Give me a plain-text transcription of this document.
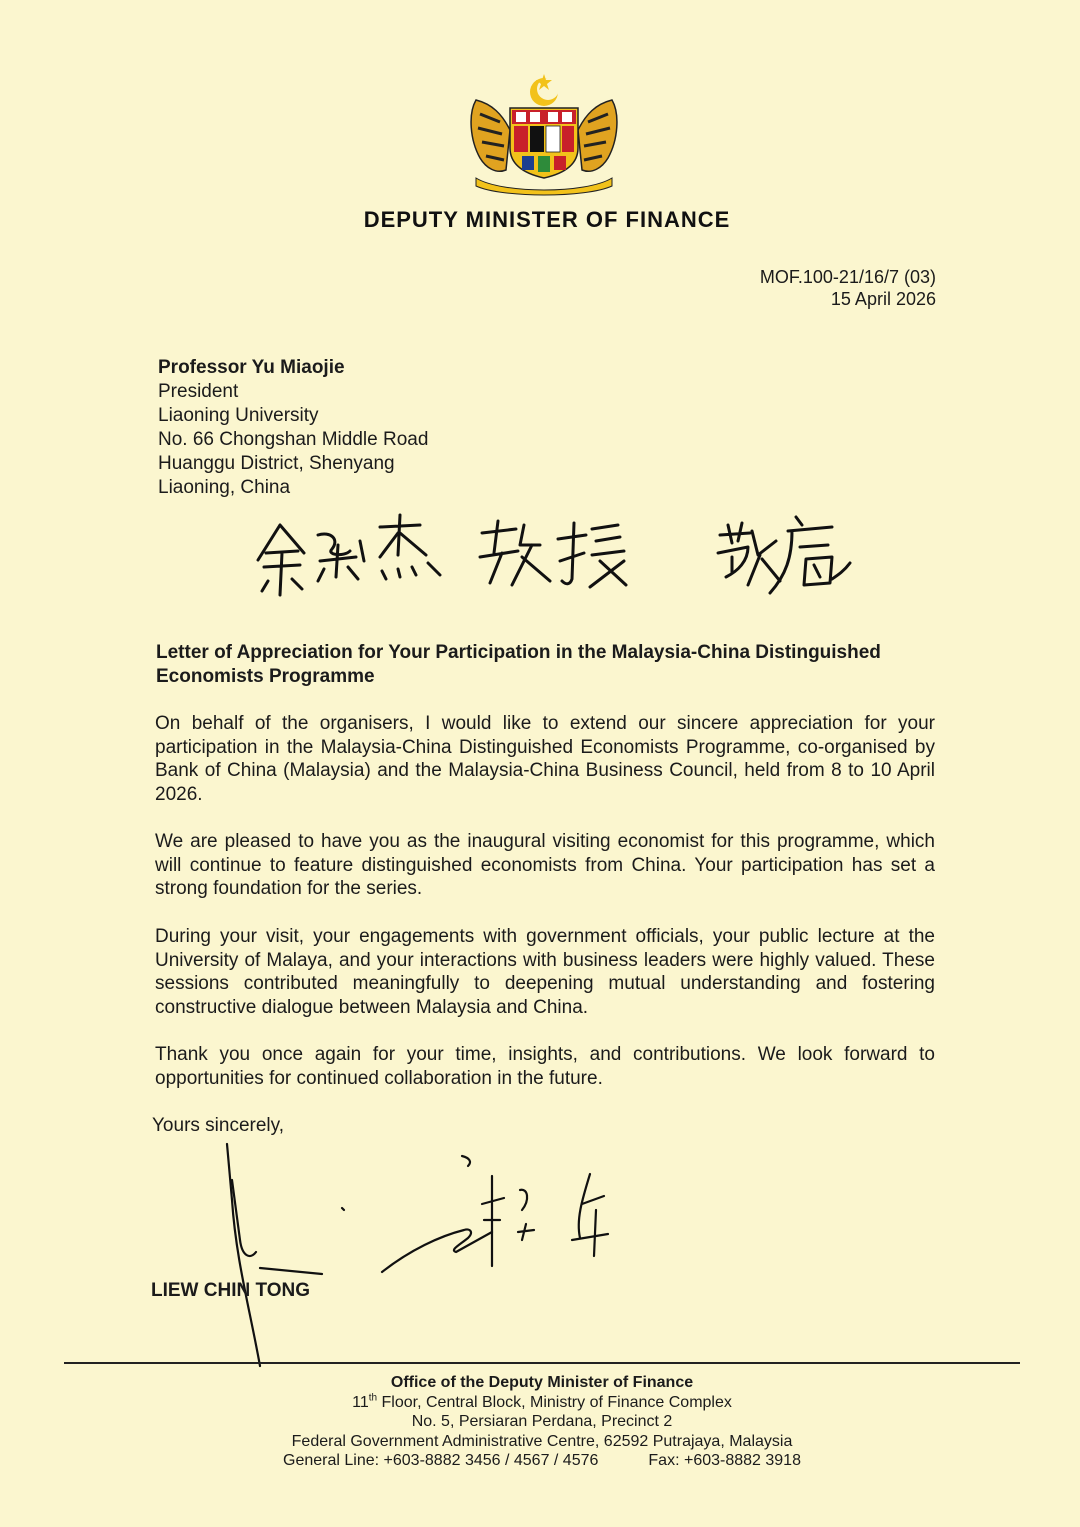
DEPUTY MINISTER OF FINANCE
MOF.100-21/16/7 (03)
15 April 2026
Professor Yu Miaojie
President
Liaoning University
No. 66 Chongshan Middle Road
Huanggu District, Shenyang
Liaoning, China
Letter of Appreciation for Your Participation in the Malaysia-China Distinguished Economists Programme
On behalf of the organisers, I would like to extend our sincere appreciation for your participation in the Malaysia-China Distinguished Economists Programme, co-organised by Bank of China (Malaysia) and the Malaysia-China Business Council, held from 8 to 10 April 2026.
We are pleased to have you as the inaugural visiting economist for this programme, which will continue to feature distinguished economists from China. Your participation has set a strong foundation for the series.
During your visit, your engagements with government officials, your public lecture at the University of Malaya, and your interactions with business leaders were highly valued. These sessions contributed meaningfully to deepening mutual understanding and fostering constructive dialogue between Malaysia and China.
Thank you once again for your time, insights, and contributions. We look forward to opportunities for continued collaboration in the future.
Yours sincerely,
LIEW CHIN TONG
Office of the Deputy Minister of Finance
11th Floor, Central Block, Ministry of Finance Complex
No. 5, Persiaran Perdana, Precinct 2
Federal Government Administrative Centre, 62592 Putrajaya, Malaysia
General Line: +603-8882 3456 / 4567 / 4576	Fax: +603-8882 3918
